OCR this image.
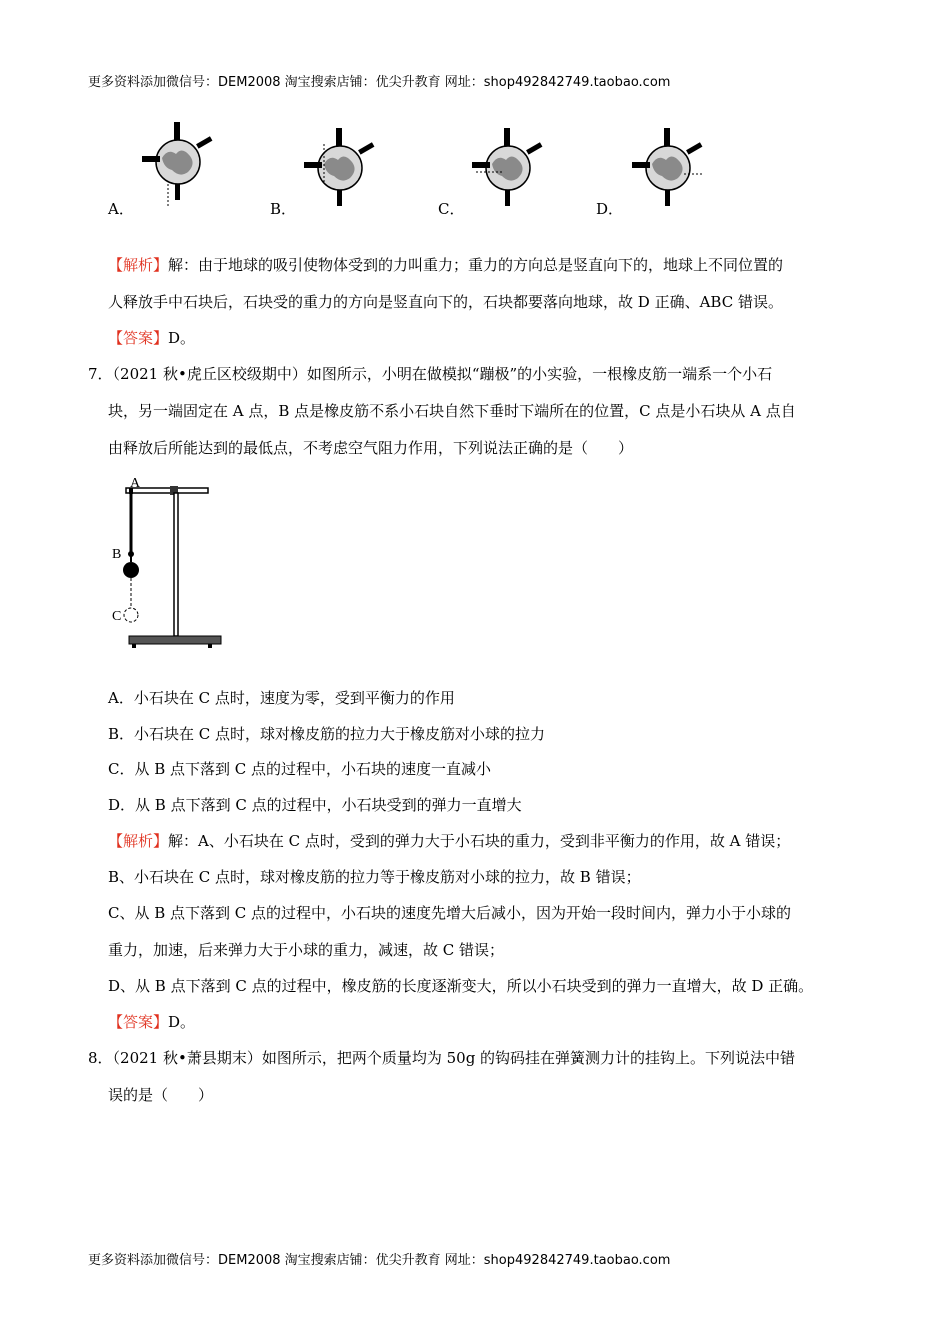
更多资料添加微信号：DEM2008 淘宝搜索店铺：优尖升教育 网址：shop492842749.taobao.com
A．	B．	C．	D．
【解析】解：由于地球的吸引使物体受到的力叫重力；重力的方向总是竖直向下的，地球上不同位置的
人释放手中石块后，石块受的重力的方向是竖直向下的，石块都要落向地球，故 D 正确、ABC 错误。
【答案】D。
7．（2021 秋•虎丘区校级期中）如图所示，小明在做模拟“蹦极”的小实验，一根橡皮筋一端系一个小石
块，另一端固定在 A 点，B 点是橡皮筋不系小石块自然下垂时下端所在的位置，C 点是小石块从 A 点自
由释放后所能达到的最低点，不考虑空气阻力作用，下列说法正确的是（　　）
A
B
C
A．小石块在 C 点时，速度为零，受到平衡力的作用
B．小石块在 C 点时，球对橡皮筋的拉力大于橡皮筋对小球的拉力
C．从 B 点下落到 C 点的过程中，小石块的速度一直减小
D．从 B 点下落到 C 点的过程中，小石块受到的弹力一直增大
【解析】解：A、小石块在 C 点时，受到的弹力大于小石块的重力，受到非平衡力的作用，故 A 错误；
B、小石块在 C 点时，球对橡皮筋的拉力等于橡皮筋对小球的拉力，故 B 错误；
C、从 B 点下落到 C 点的过程中，小石块的速度先增大后减小，因为开始一段时间内，弹力小于小球的
重力，加速，后来弹力大于小球的重力，减速，故 C 错误；
D、从 B 点下落到 C 点的过程中，橡皮筋的长度逐渐变大，所以小石块受到的弹力一直增大，故 D 正确。
【答案】D。
8．（2021 秋•萧县期末）如图所示，把两个质量均为 50g 的钩码挂在弹簧测力计的挂钩上。下列说法中错
误的是（　　）
更多资料添加微信号：DEM2008 淘宝搜索店铺：优尖升教育 网址：shop492842749.taobao.com
